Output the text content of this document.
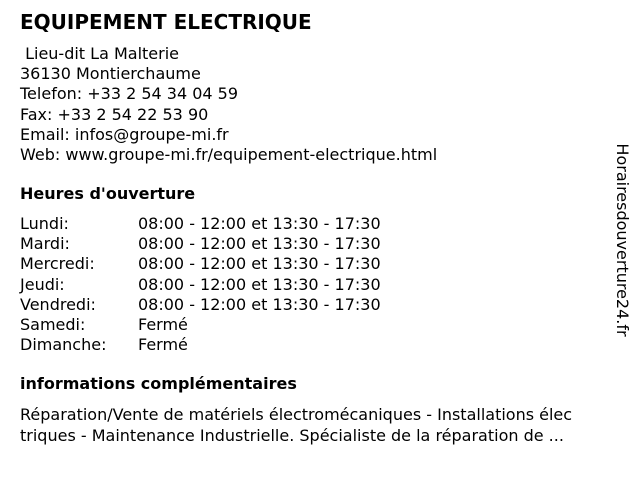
EQUIPEMENT ELECTRIQUE
Lieu-dit La Malterie
36130 Montierchaume
Telefon: +33 2 54 34 04 59
Fax: +33 2 54 22 53 90
Email: infos@groupe-mi.fr
Web: www.groupe-mi.fr/equipement-electrique.html
Heures d'ouverture
Lundi:	08:00 - 12:00 et 13:30 - 17:30
Mardi:	08:00 - 12:00 et 13:30 - 17:30
Mercredi:	08:00 - 12:00 et 13:30 - 17:30
Jeudi:	08:00 - 12:00 et 13:30 - 17:30
Vendredi:	08:00 - 12:00 et 13:30 - 17:30
Samedi:	Fermé
Dimanche: Fermé
informations complémentaires
Réparation/Vente de matériels électromécaniques - Installations élec
triques - Maintenance Industrielle. Spécialiste de la réparation de ...
Horairesdouverture24.fr
